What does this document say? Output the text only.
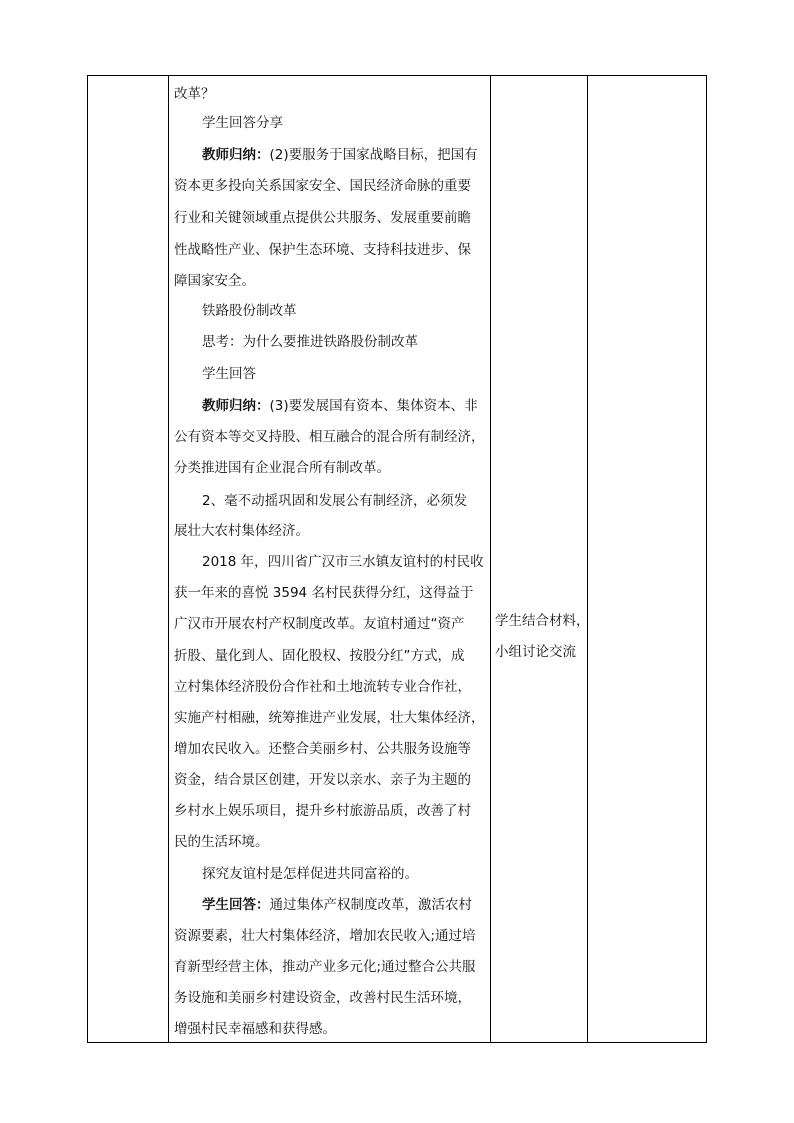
改革？
学生回答分享
教师归纳：(2)要服务于国家战略目标，把国有
资本更多投向关系国家安全、国民经济命脉的重要
行业和关键领域重点提供公共服务、发展重要前瞻
性战略性产业、保护生态环境、支持科技进步、保
障国家安全。
铁路股份制改革
思考：为什么要推进铁路股份制改革
学生回答
教师归纳：(3)要发展国有资本、集体资本、非
公有资本等交叉持股、相互融合的混合所有制经济，
分类推进国有企业混合所有制改革。
2、毫不动摇巩固和发展公有制经济，必须发
展壮大农村集体经济。
2018 年，四川省广汉市三水镇友谊村的村民收
获一年来的喜悦 3594 名村民获得分红，这得益于
广汉市开展农村产权制度改革。友谊村通过“资产
折股、量化到人、固化股权、按股分红”方式，成
立村集体经济股份合作社和土地流转专业合作社，
实施产村相融，统筹推进产业发展，壮大集体经济，
增加农民收入。还整合美丽乡村、公共服务设施等
资金，结合景区创建，开发以亲水、亲子为主题的
乡村水上娱乐项目，提升乡村旅游品质，改善了村
民的生活环境。
探究友谊村是怎样促进共同富裕的。
学生回答：通过集体产权制度改革，激活农村
资源要素，壮大村集体经济，增加农民收入;通过培
育新型经营主体，推动产业多元化;通过整合公共服
务设施和美丽乡村建设资金，改善村民生活环境，
增强村民幸福感和获得感。
学生结合材料，
小组讨论交流
